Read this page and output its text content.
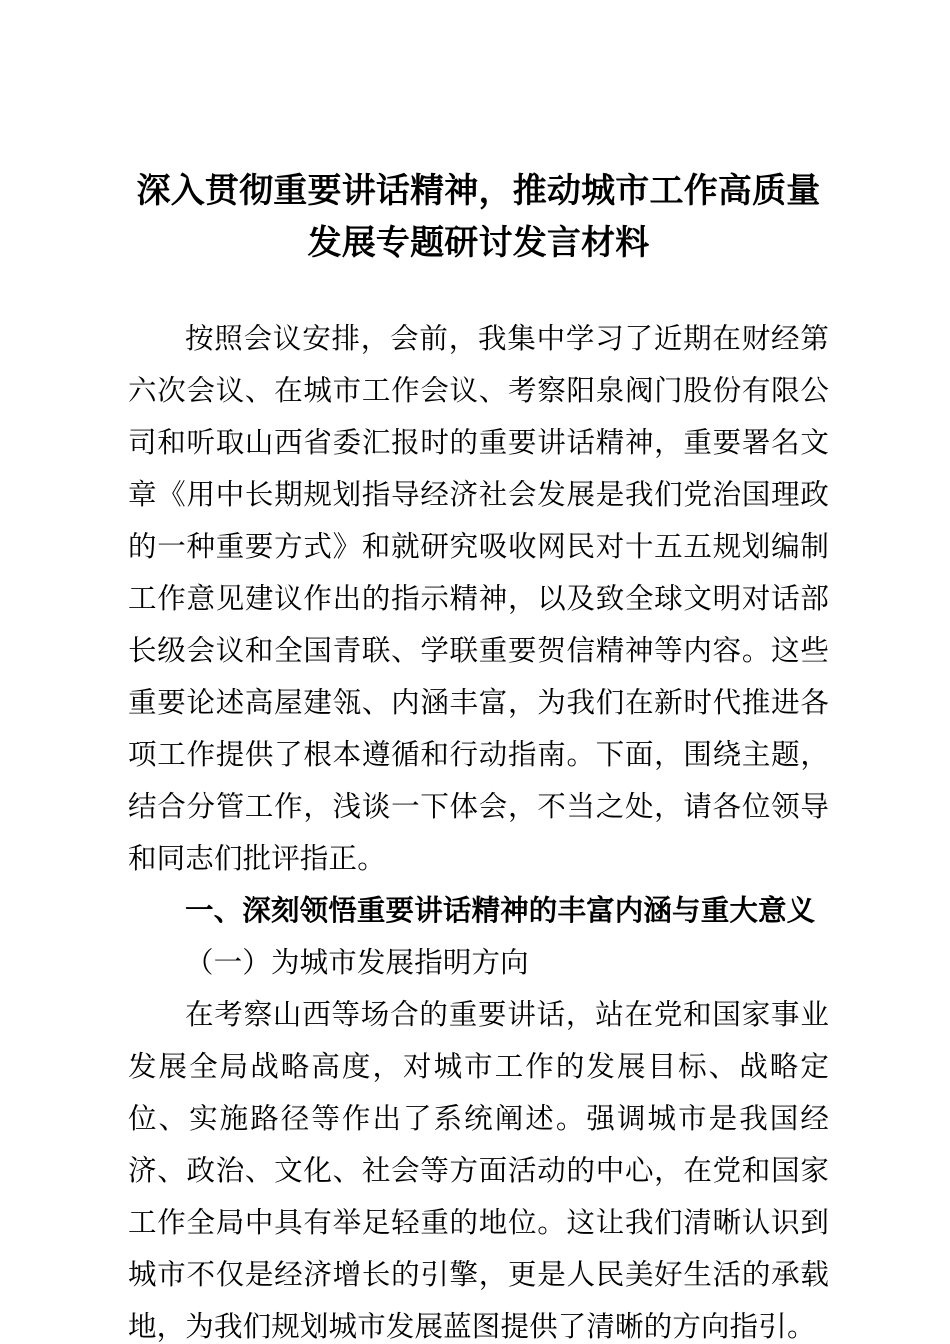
深入贯彻重要讲话精神，推动城市工作高质量
发展专题研讨发言材料

按照会议安排，会前，我集中学习了近期在财经第六次会议、在城市工作会议、考察阳泉阀门股份有限公司和听取山西省委汇报时的重要讲话精神，重要署名文章《用中长期规划指导经济社会发展是我们党治国理政的一种重要方式》和就研究吸收网民对十五五规划编制工作意见建议作出的指示精神，以及致全球文明对话部长级会议和全国青联、学联重要贺信精神等内容。这些重要论述高屋建瓴、内涵丰富，为我们在新时代推进各项工作提供了根本遵循和行动指南。下面，围绕主题，结合分管工作，浅谈一下体会，不当之处，请各位领导和同志们批评指正。

一、深刻领悟重要讲话精神的丰富内涵与重大意义
（一）为城市发展指明方向

在考察山西等场合的重要讲话，站在党和国家事业发展全局战略高度，对城市工作的发展目标、战略定位、实施路径等作出了系统阐述。强调城市是我国经济、政治、文化、社会等方面活动的中心，在党和国家工作全局中具有举足轻重的地位。这让我们清晰认识到城市不仅是经济增长的引擎，更是人民美好生活的承载地，为我们规划城市发展蓝图提供了清晰的方向指引。
